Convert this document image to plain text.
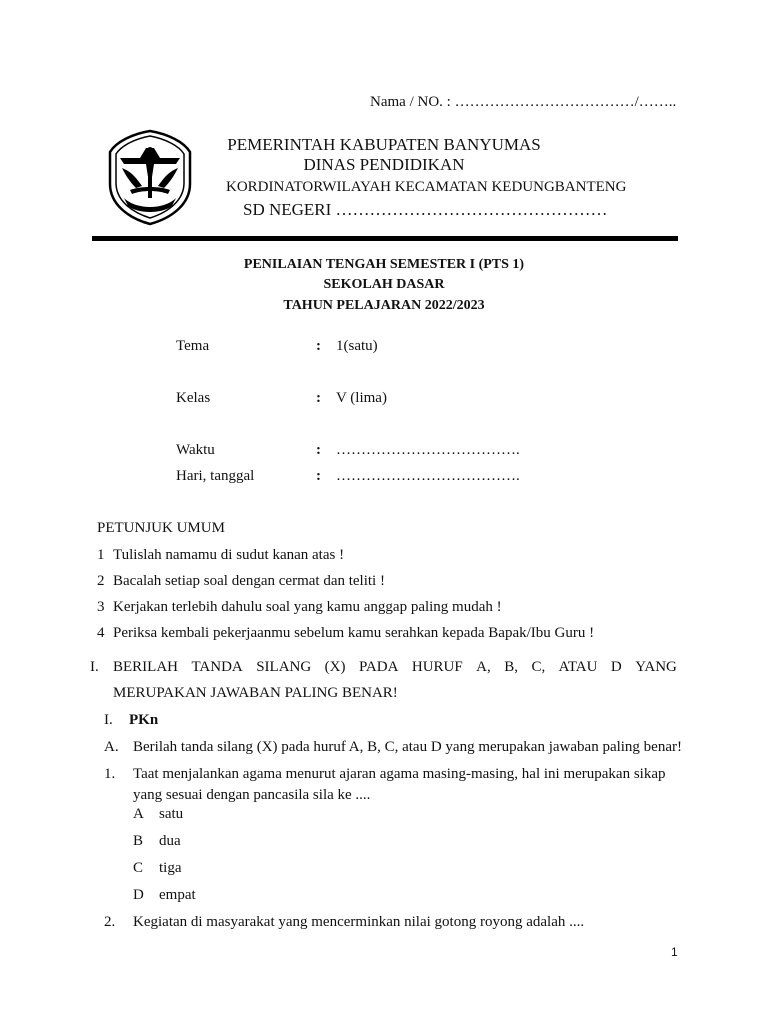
Nama / NO. : ………………………………/……..
PEMERINTAH KABUPATEN BANYUMAS
DINAS PENDIDIKAN
KORDINATORWILAYAH KECAMATAN KEDUNGBANTENG
SD NEGERI …………………………………………
PENILAIAN TENGAH SEMESTER I (PTS 1)
SEKOLAH DASAR
TAHUN PELAJARAN 2022/2023
Tema	: 1(satu)
Kelas	: V (lima)
Waktu	: ……………………………….
Hari, tanggal	: ……………………………….
PETUNJUK UMUM
1 Tulislah namamu di sudut kanan atas !
2 Bacalah setiap soal dengan cermat dan teliti !
3 Kerjakan terlebih dahulu soal yang kamu anggap paling mudah !
4 Periksa kembali pekerjaanmu sebelum kamu serahkan kepada Bapak/Ibu Guru !
I. BERILAH TANDA SILANG (X) PADA HURUF A, B, C, ATAU D YANG
MERUPAKAN JAWABAN PALING BENAR!
I. PKn
A. Berilah tanda silang (X) pada huruf A, B, C, atau D yang merupakan jawaban paling benar!
1. Taat menjalankan agama menurut ajaran agama masing-masing, hal ini merupakan sikap
yang sesuai dengan pancasila sila ke ....
A satu
B dua
C tiga
D empat
2. Kegiatan di masyarakat yang mencerminkan nilai gotong royong adalah ....
1
